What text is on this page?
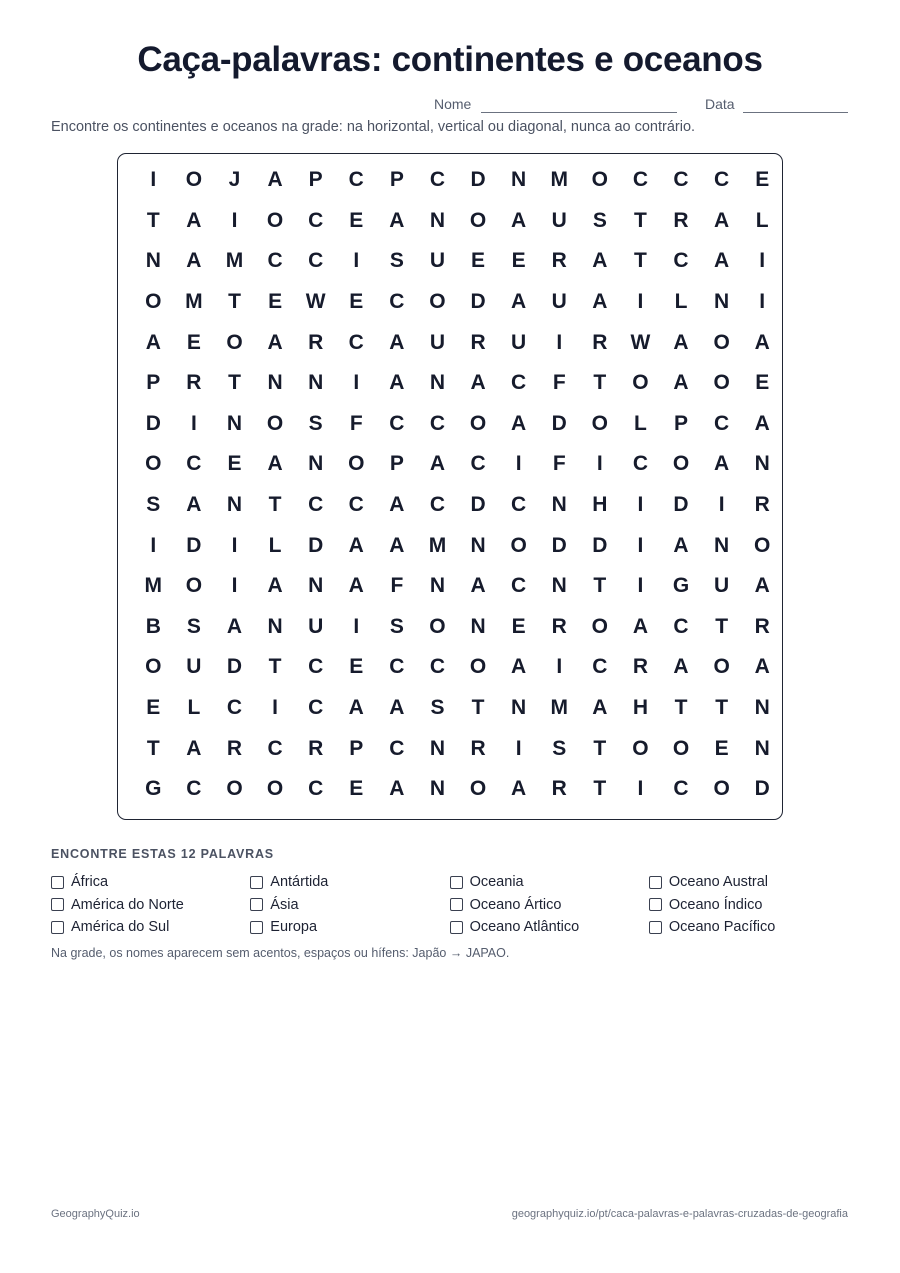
Caça-palavras: continentes e oceanos
Nome	Data

Encontre os continentes e oceanos na grade: na horizontal, vertical ou diagonal, nunca ao contrário.

I	O	J	A	P	C	P	C	D	N	M	O	C	C	C	E
T	A	I	O	C	E	A	N	O	A	U	S	T	R	A	L
N	A	M	C	C	I	S	U	E	E	R	A	T	C	A	I
O	M	T	E	W	E	C	O	D	A	U	A	I	L	N	I
A	E	O	A	R	C	A	U	R	U	I	R	W	A	O	A
P	R	T	N	N	I	A	N	A	C	F	T	O	A	O	E
D	I	N	O	S	F	C	C	O	A	D	O	L	P	C	A
O	C	E	A	N	O	P	A	C	I	F	I	C	O	A	N
S	A	N	T	C	C	A	C	D	C	N	H	I	D	I	R
I	D	I	L	D	A	A	M	N	O	D	D	I	A	N	O
M	O	I	A	N	A	F	N	A	C	N	T	I	G	U	A
B	S	A	N	U	I	S	O	N	E	R	O	A	C	T	R
O	U	D	T	C	E	C	C	O	A	I	C	R	A	O	A
E	L	C	I	C	A	A	S	T	N	M	A	H	T	T	N
T	A	R	C	R	P	C	N	R	I	S	T	O	O	E	N
G	C	O	O	C	E	A	N	O	A	R	T	I	C	O	D
ENCONTRE ESTAS 12 PALAVRAS
África
América do Norte
América do Sul
Antártida
Ásia
Europa
Oceania
Oceano Ártico
Oceano Atlântico
Oceano Austral
Oceano Índico
Oceano Pacífico

Na grade, os nomes aparecem sem acentos, espaços ou hífens: Japão → JAPAO.

GeographyQuiz.io	geographyquiz.io/pt/caca-palavras-e-palavras-cruzadas-de-geografia
